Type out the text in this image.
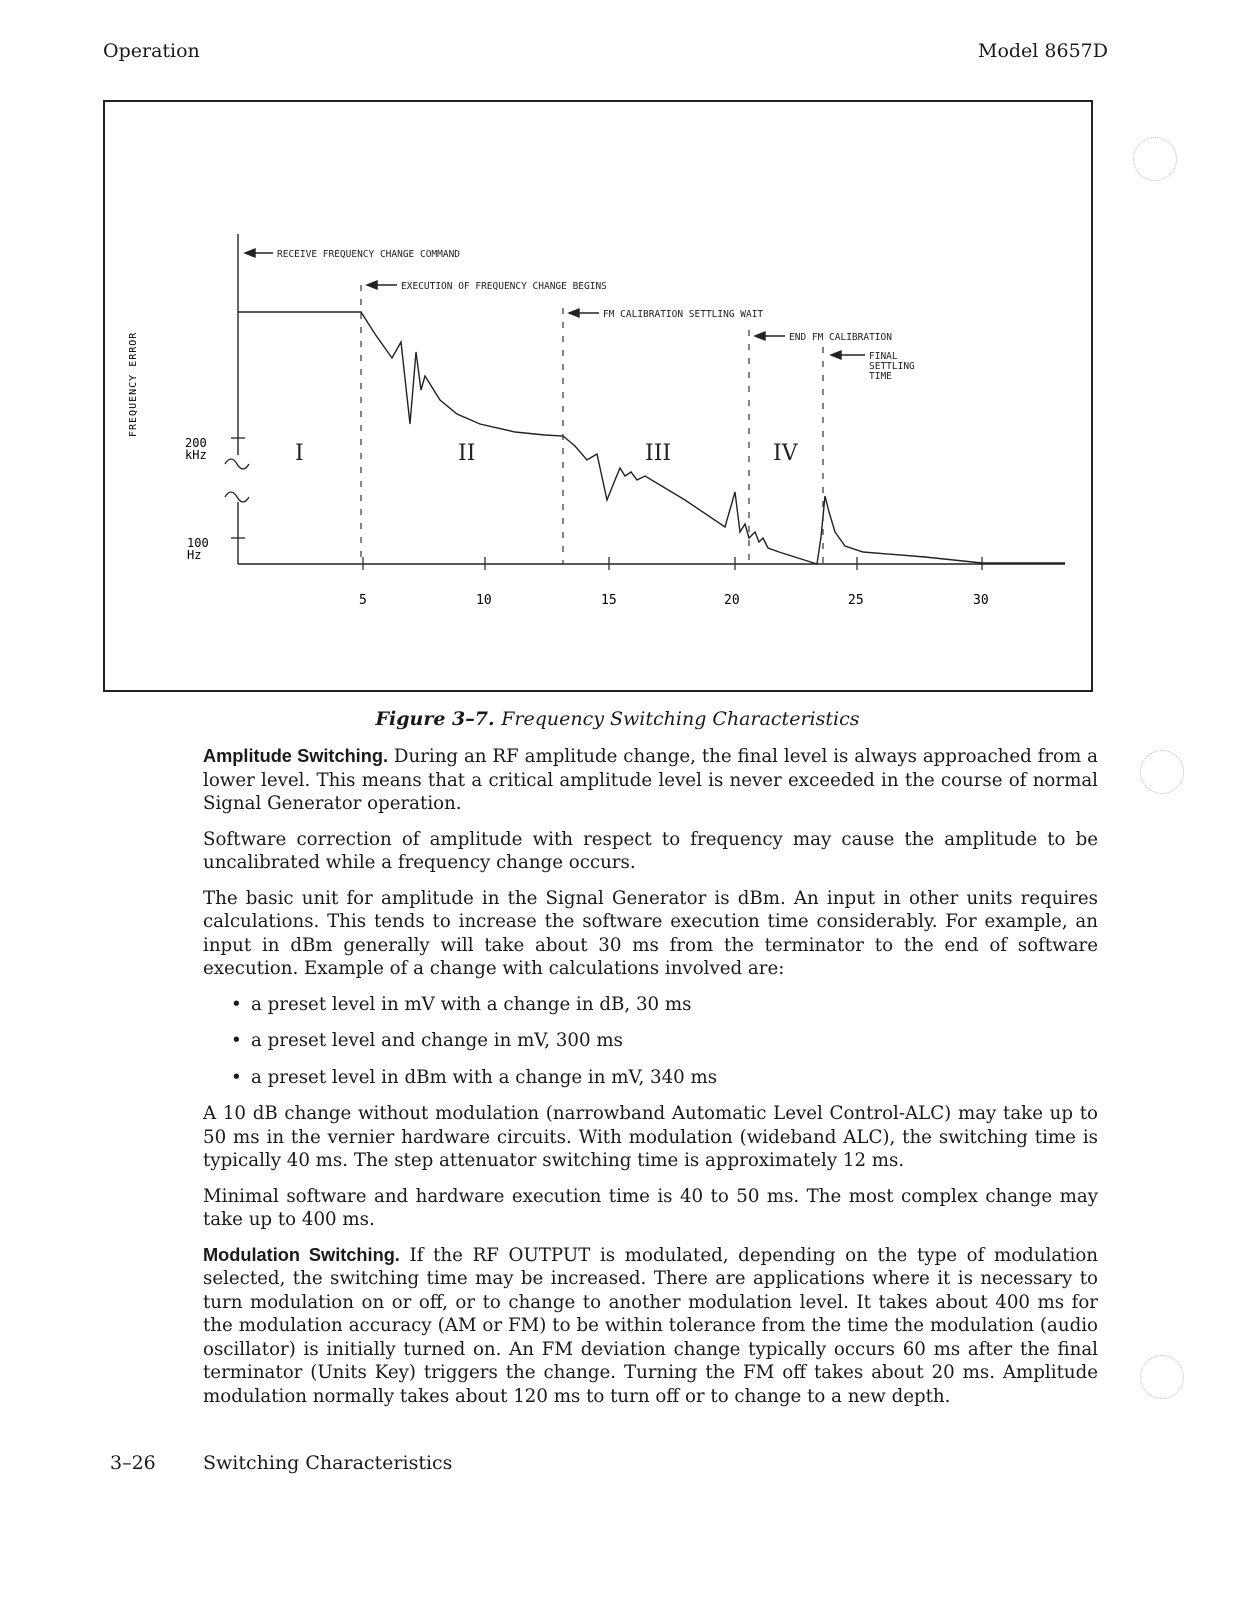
Operation	Model 8657D
FREQUENCY ERROR
200
kHz
100
Hz
5	10	15	20	25	30
RECEIVE FREQUENCY CHANGE COMMAND
EXECUTION OF FREQUENCY CHANGE BEGINS
FM CALIBRATION SETTLING WAIT
END FM CALIBRATION
FINAL
SETTLING
TIME
I	II	III	IV
Figure 3–7. Frequency Switching Characteristics

Amplitude Switching. During an RF amplitude change, the final level is always approached from a lower level. This means that a critical amplitude level is never exceeded in the course of normal Signal Generator operation.

Software correction of amplitude with respect to frequency may cause the amplitude to be uncalibrated while a frequency change occurs.

The basic unit for amplitude in the Signal Generator is dBm. An input in other units requires calculations. This tends to increase the software execution time considerably. For example, an input in dBm generally will take about 30 ms from the terminator to the end of software execution. Example of a change with calculations involved are:

• a preset level in mV with a change in dB, 30 ms
• a preset level and change in mV, 300 ms
• a preset level in dBm with a change in mV, 340 ms

A 10 dB change without modulation (narrowband Automatic Level Control-ALC) may take up to 50 ms in the vernier hardware circuits. With modulation (wideband ALC), the switching time is typically 40 ms. The step attenuator switching time is approximately 12 ms.

Minimal software and hardware execution time is 40 to 50 ms. The most complex change may take up to 400 ms.

Modulation Switching. If the RF OUTPUT is modulated, depending on the type of modulation selected, the switching time may be increased. There are applications where it is necessary to turn modulation on or off, or to change to another modulation level. It takes about 400 ms for the modulation accuracy (AM or FM) to be within tolerance from the time the modulation (audio oscillator) is initially turned on. An FM deviation change typically occurs 60 ms after the final terminator (Units Key) triggers the change. Turning the FM off takes about 20 ms. Amplitude modulation normally takes about 120 ms to turn off or to change to a new depth.

3–26 Switching Characteristics
